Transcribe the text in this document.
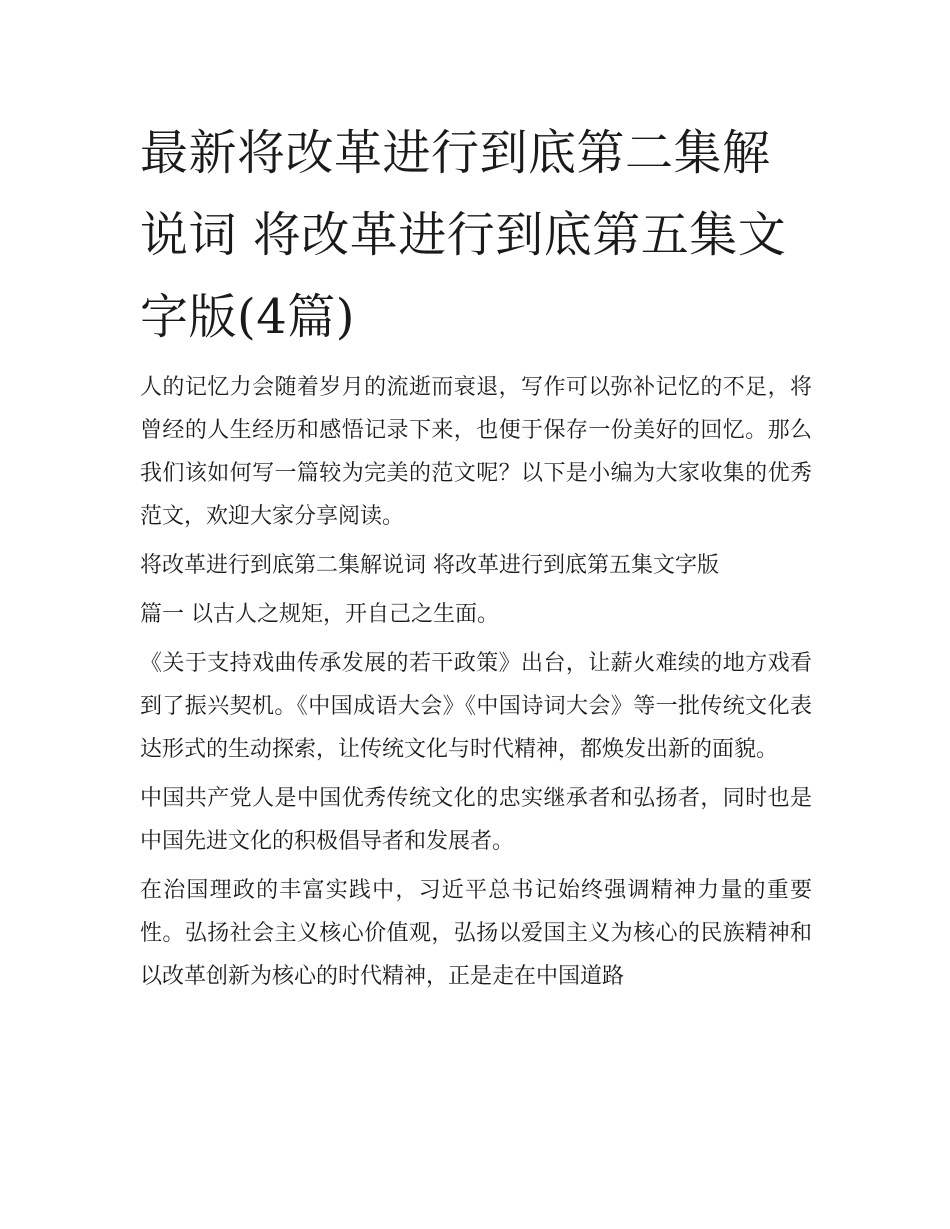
最新将改革进行到底第二集解说词 将改革进行到底第五集文字版(4篇)

人的记忆力会随着岁月的流逝而衰退，写作可以弥补记忆的不足，将曾经的人生经历和感悟记录下来，也便于保存一份美好的回忆。那么我们该如何写一篇较为完美的范文呢？以下是小编为大家收集的优秀范文，欢迎大家分享阅读。

将改革进行到底第二集解说词 将改革进行到底第五集文字版

篇一 以古人之规矩，开自己之生面。

《关于支持戏曲传承发展的若干政策》出台，让薪火难续的地方戏看到了振兴契机。《中国成语大会》《中国诗词大会》等一批传统文化表达形式的生动探索，让传统文化与时代精神，都焕发出新的面貌。

中国共产党人是中国优秀传统文化的忠实继承者和弘扬者，同时也是中国先进文化的积极倡导者和发展者。

在治国理政的丰富实践中，习近平总书记始终强调精神力量的重要性。弘扬社会主义核心价值观，弘扬以爱国主义为核心的民族精神和以改革创新为核心的时代精神，正是走在中国道路
